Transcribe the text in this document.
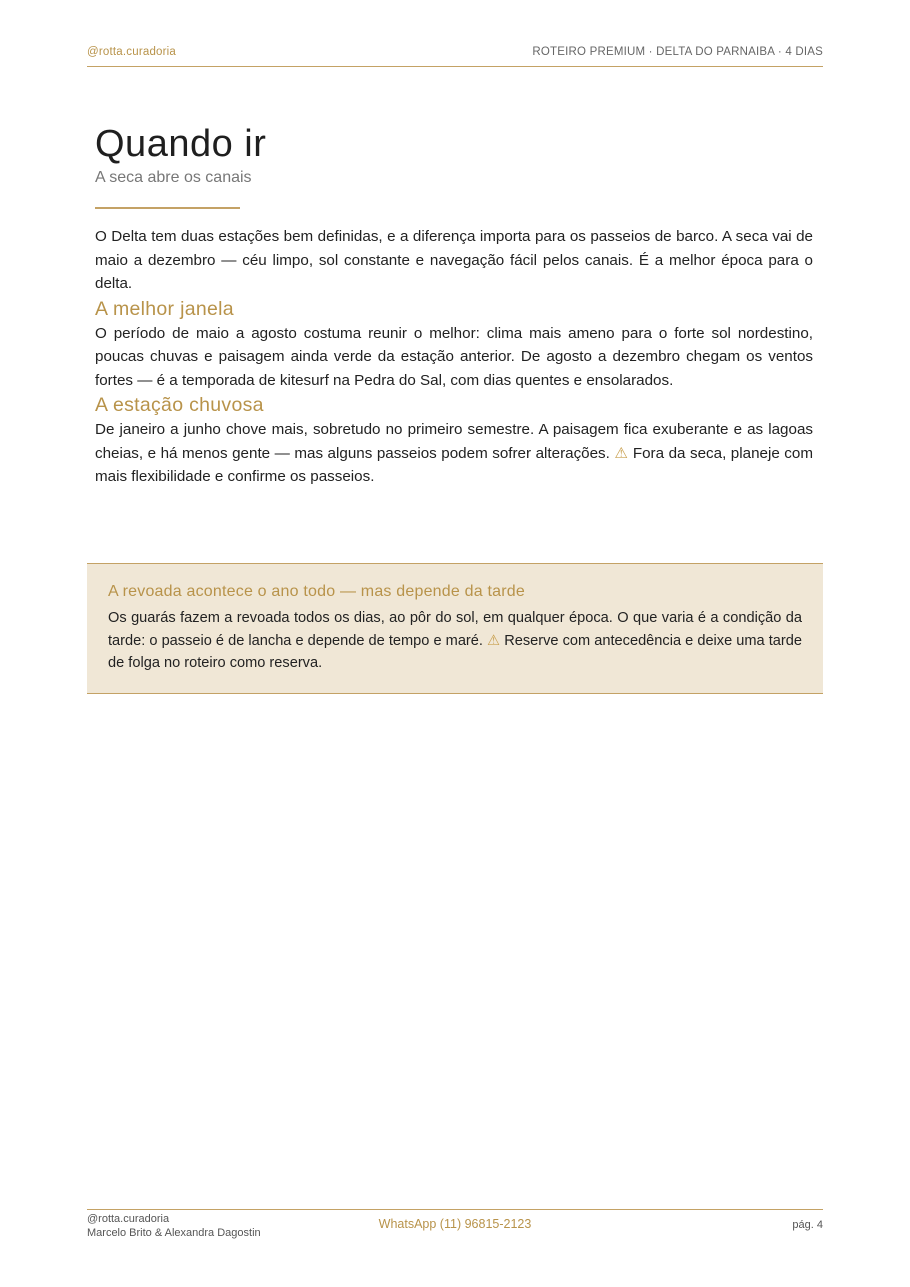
@rotta.curadoria	ROTEIRO PREMIUM · DELTA DO PARNAIBA · 4 DIAS
Quando ir

A seca abre os canais

O Delta tem duas estações bem definidas, e a diferença importa para os passeios de barco. A seca vai de maio a dezembro — céu limpo, sol constante e navegação fácil pelos canais. É a melhor época para o delta.

A melhor janela

O período de maio a agosto costuma reunir o melhor: clima mais ameno para o forte sol nordestino, poucas chuvas e paisagem ainda verde da estação anterior. De agosto a dezembro chegam os ventos fortes — é a temporada de kitesurf na Pedra do Sal, com dias quentes e ensolarados.

A estação chuvosa

De janeiro a junho chove mais, sobretudo no primeiro semestre. A paisagem fica exuberante e as lagoas cheias, e há menos gente — mas alguns passeios podem sofrer alterações. ⚠ Fora da seca, planeje com mais flexibilidade e confirme os passeios.

A revoada acontece o ano todo — mas depende da tarde

Os guarás fazem a revoada todos os dias, ao pôr do sol, em qualquer época. O que varia é a condição da tarde: o passeio é de lancha e depende de tempo e maré. ⚠ Reserve com antecedência e deixe uma tarde de folga no roteiro como reserva.

@rotta.curadoria
Marcelo Brito & Alexandra Dagostin
WhatsApp (11) 96815-2123	pág. 4
